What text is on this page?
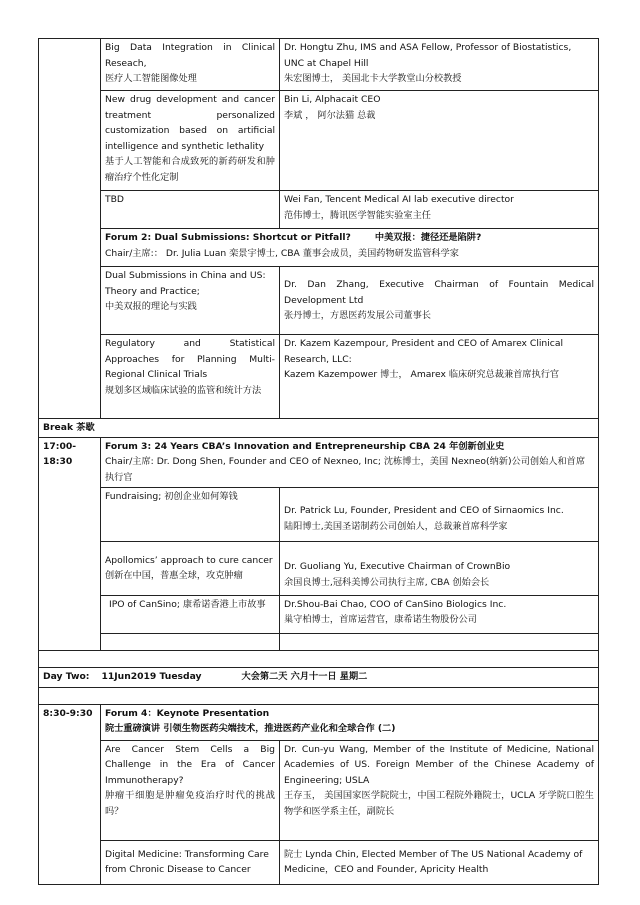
	Big Data Integration in Clinical Reseach,
医疗人工智能图像处理	Dr. Hongtu Zhu, IMS and ASA Fellow, Professor of Biostatistics, UNC at Chapel Hill
朱宏图博士， 美国北卡大学教堂山分校教授

	New drug development and cancer treatment personalized customization based on artificial intelligence and synthetic lethality
基于人工智能和合成致死的新药研发和肿瘤治疗个性化定制	Bin Li, Alphacait CEO
李斌 ， 阿尔法猫 总裁

	TBD	Wei Fan, Tencent Medical AI lab executive director
范伟博士，腾讯医学智能实验室主任

	Forum 2: Dual Submissions: Shortcut or Pitfall? 中美双报：捷径还是陷阱?
Chair/主席:： Dr. Julia Luan 栾景宇博士, CBA 董事会成员，美国药物研发监管科学家	

	Dual Submissions in China and US: Theory and Practice;
中美双报的理论与实践	Dr. Dan Zhang, Executive Chairman of Fountain Medical Development Ltd
张丹博士，方恩医药发展公司董事长

	Regulatory and Statistical Approaches for Planning Multi-Regional Clinical Trials
规划多区域临床试验的监管和统计方法	Dr. Kazem Kazempour, President and CEO of Amarex Clinical Research, LLC:
Kazem Kazempower 博士， Amarex 临床研究总裁兼首席执行官

Break 茶歇		
17:00-18:30	Forum 3: 24 Years CBA’s Innovation and Entrepreneurship CBA 24 年创新创业史
Chair/主席: Dr. Dong Shen, Founder and CEO of Nexneo, Inc; 沈栋博士，美国 Nexneo(纳新)公司创始人和首席执行官	

	Fundraising; 初创企业如何筹钱	Dr. Patrick Lu, Founder, President and CEO of Sirnaomics Inc.
陆阳博士,美国圣诺制药公司创始人，总裁兼首席科学家

	Apollomics’ approach to cure cancer
创新在中国，普惠全球，攻克肿瘤	Dr. Guoliang Yu, Executive Chairman of CrownBio
余国良博士,冠科美博公司执行主席, CBA 创始会长

	IPO of CanSino; 康希诺香港上市故事	Dr.Shou-Bai Chao, COO of CanSino Biologics Inc.
巢守柏博士，首席运营官，康希诺生物股份公司

Day Two: 11Jun2019 Tuesday 大会第二天 六月十一日 星期二		

8:30-9:30	Forum 4：Keynote Presentation
院士重磅演讲 引领生物医药尖端技术，推进医药产业化和全球合作 (二)	

	Are Cancer Stem Cells a Big Challenge in the Era of Cancer Immunotherapy?
肿瘤干细胞是肿瘤免疫治疗时代的挑战吗？	Dr. Cun-yu Wang, Member of the Institute of Medicine, National Academies of US. Foreign Member of the Chinese Academy of Engineering; USLA
王存玉， 美国国家医学院院士，中国工程院外籍院士，UCLA 牙学院口腔生物学和医学系主任，副院长

	Digital Medicine: Transforming Care from Chronic Disease to Cancer	院士 Lynda Chin, Elected Member of The US National Academy of Medicine，CEO and Founder, Apricity Health
